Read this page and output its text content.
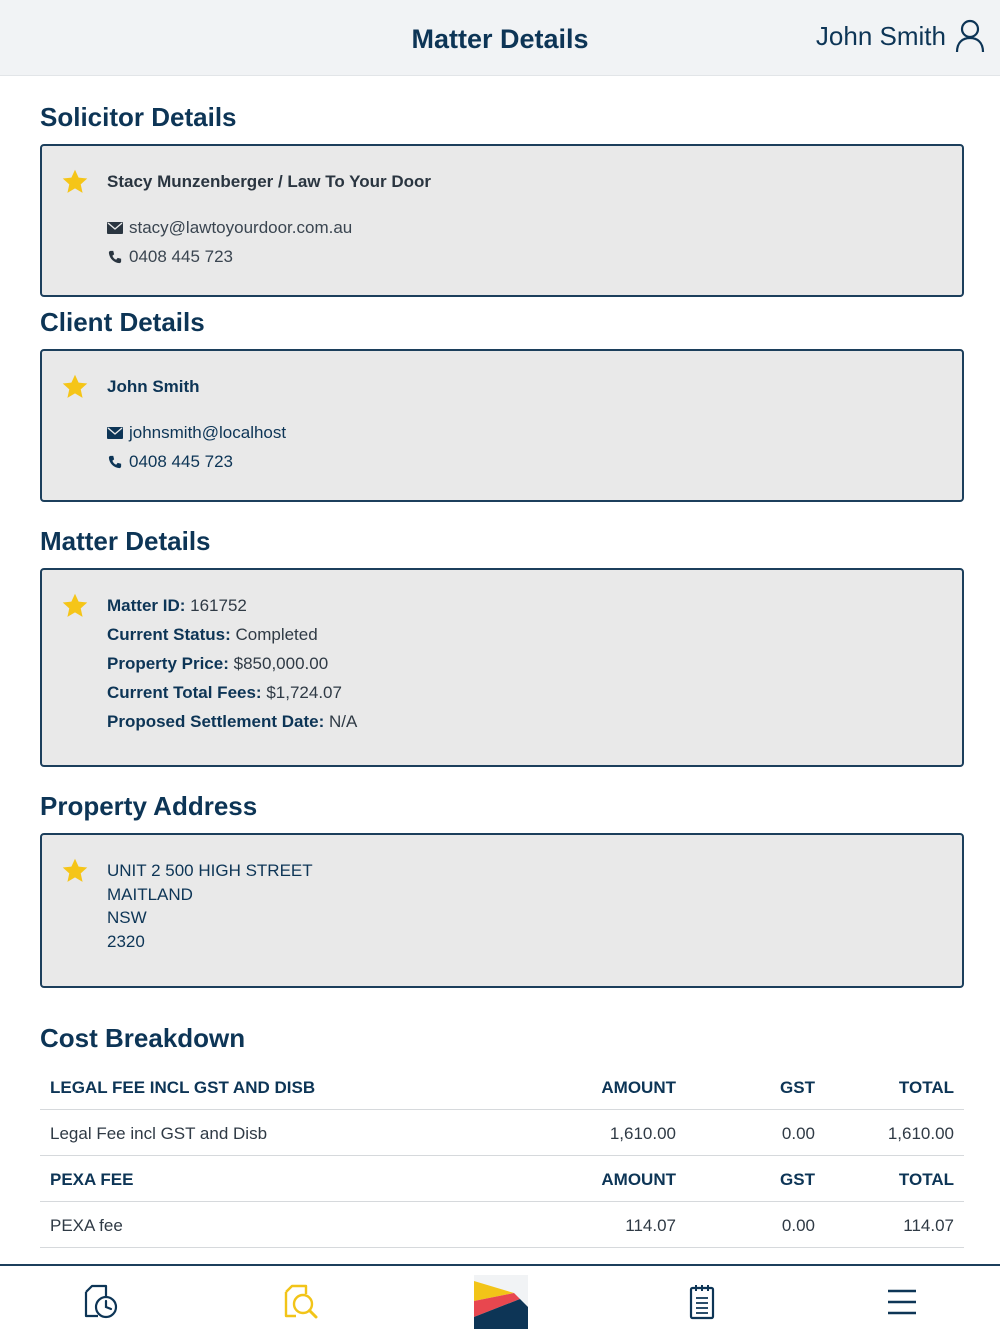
Matter Details	John Smith
Solicitor Details
Stacy Munzenberger / Law To Your Door
stacy@lawtoyourdoor.com.au
0408 445 723
Client Details
John Smith
johnsmith@localhost
0408 445 723
Matter Details
Matter ID: 161752
Current Status: Completed
Property Price: $850,000.00
Current Total Fees: $1,724.07
Proposed Settlement Date: N/A
Property Address
UNIT 2 500 HIGH STREET
MAITLAND
NSW
2320
Cost Breakdown
LEGAL FEE INCL GST AND DISB	AMOUNT	GST	TOTAL
Legal Fee incl GST and Disb	1,610.00	0.00	1,610.00
PEXA FEE	AMOUNT	GST	TOTAL
PEXA fee	114.07	0.00	114.07
